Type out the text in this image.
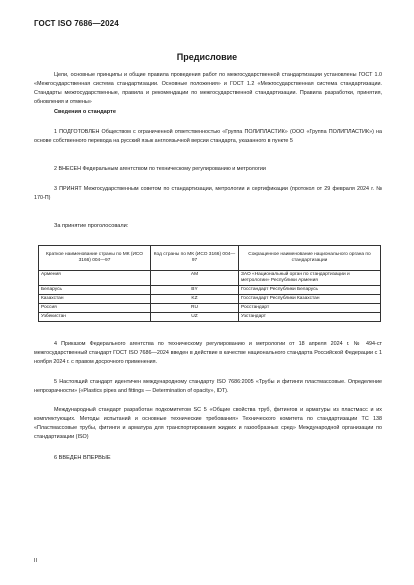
ГОСТ ISO 7686—2024
Предисловие
Цели, основные принципы и общие правила проведения работ по межгосударственной стандартизации установлены ГОСТ 1.0 «Межгосударственная система стандартизации. Основные положения» и ГОСТ 1.2 «Межгосударственная система стандартизации. Стандарты межгосударственные, правила и рекомендации по межгосударственной стандартизации. Правила разработки, принятия, обновления и отмены»
Сведения о стандарте
1 ПОДГОТОВЛЕН Обществом с ограниченной ответственностью «Группа ПОЛИПЛАСТИК» (ООО «Группа ПОЛИПЛАСТИК») на основе собственного перевода на русский язык англоязычной версии стандарта, указанного в пункте 5
2 ВНЕСЕН Федеральным агентством по техническому регулированию и метрологии
3 ПРИНЯТ Межгосударственным советом по стандартизации, метрологии и сертификации (протокол от 29 февраля 2024 г. № 170-П)
За принятие проголосовали:
Краткое наименование страны по МК (ИСО 3166) 004—97	Код страны по МК (ИСО 3166) 004—97	Сокращенное наименование национального органа по стандартизации
Армения	AM	ЗАО «Национальный орган по стандартизации и метрологии» Республики Армения
Беларусь	BY	Госстандарт Республики Беларусь
Казахстан	KZ	Госстандарт Республики Казахстан
Россия	RU	Росстандарт
Узбекистан	UZ	Узстандарт
4 Приказом Федерального агентства по техническому регулированию и метрологии от 18 апреля 2024 г. № 494-ст межгосударственный стандарт ГОСТ ISO 7686—2024 введен в действие в качестве национального стандарта Российской Федерации с 1 ноября 2024 г. с правом досрочного применения.
5 Настоящий стандарт идентичен международному стандарту ISO 7686:2005 «Трубы и фитинги пластмассовые. Определение непрозрачности» («Plastics pipes and fittings — Determination of opacity», IDT).
Международный стандарт разработан подкомитетом SC 5 «Общие свойства труб, фитингов и арматуры из пластмасс и их комплектующих. Методы испытаний и основные технические требования» Технического комитета по стандартизации ТС 138 «Пластмассовые трубы, фитинги и арматура для транспортирования жидких и газообразных сред» Международной организации по стандартизации (ISO)
6 ВВЕДЕН ВПЕРВЫЕ
II
